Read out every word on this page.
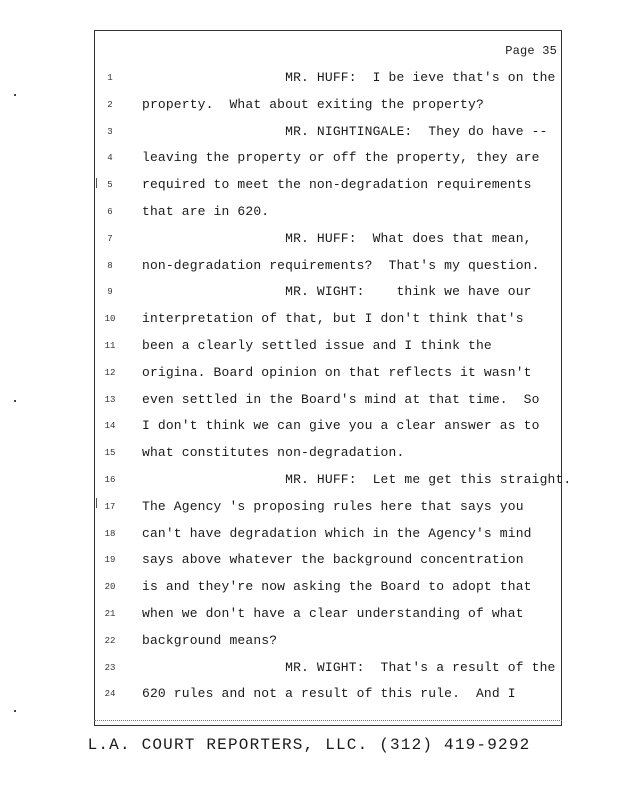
Page 35
1	MR. HUFF:  I be ieve that's on the
2	property.  What about exiting the property?
3	MR. NIGHTINGALE:  They do have --
4	leaving the property or off the property, they are
5	required to meet the non-degradation requirements
6	that are in 620.
7	MR. HUFF:  What does that mean,
8	non-degradation requirements?  That's my question.
9	MR. WIGHT:    think we have our
10	interpretation of that, but I don't think that's
11	been a clearly settled issue and I think the
12	origina. Board opinion on that reflects it wasn't
13	even settled in the Board's mind at that time.  So
14	I don't think we can give you a clear answer as to
15	what constitutes non-degradation.
16	MR. HUFF:  Let me get this straight.
17	The Agency 's proposing rules here that says you
18	can't have degradation which in the Agency's mind
19	says above whatever the background concentration
20	is and they're now asking the Board to adopt that
21	when we don't have a clear understanding of what
22	background means?
23	MR. WIGHT:  That's a result of the
24	620 rules and not a result of this rule.  And I
L.A. COURT REPORTERS, LLC. (312) 419-9292
